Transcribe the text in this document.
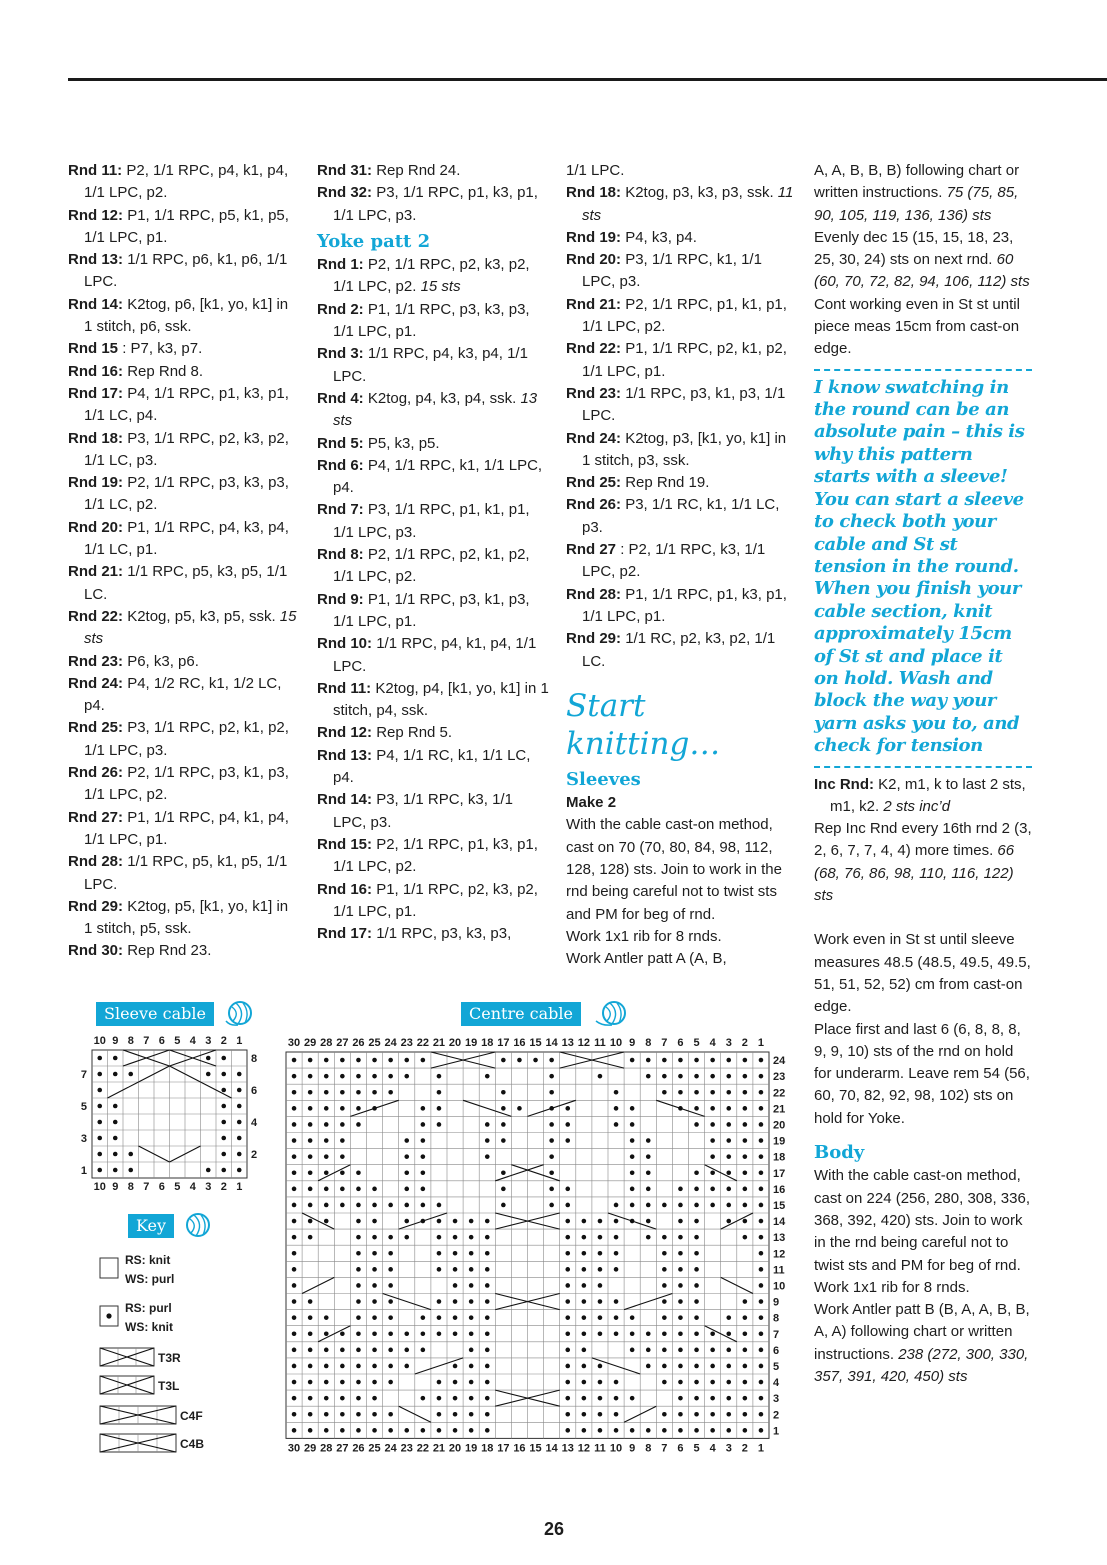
Rnd 11: P2, 1/1 RPC, p4, k1, p4, 1/1 LPC, p2.

Rnd 12: P1, 1/1 RPC, p5, k1, p5, 1/1 LPC, p1.

Rnd 13: 1/1 RPC, p6, k1, p6, 1/1 LPC.

Rnd 14: K2tog, p6, [k1, yo, k1] in 1 stitch, p6, ssk.

Rnd 15 : P7, k3, p7.

Rnd 16: Rep Rnd 8.

Rnd 17: P4, 1/1 RPC, p1, k3, p1, 1/1 LC, p4.

Rnd 18: P3, 1/1 RPC, p2, k3, p2, 1/1 LC, p3.

Rnd 19: P2, 1/1 RPC, p3, k3, p3, 1/1 LC, p2.

Rnd 20: P1, 1/1 RPC, p4, k3, p4, 1/1 LC, p1.

Rnd 21: 1/1 RPC, p5, k3, p5, 1/1 LC.

Rnd 22: K2tog, p5, k3, p5, ssk. 15 sts

Rnd 23: P6, k3, p6.

Rnd 24: P4, 1/2 RC, k1, 1/2 LC, p4.

Rnd 25: P3, 1/1 RPC, p2, k1, p2, 1/1 LPC, p3.

Rnd 26: P2, 1/1 RPC, p3, k1, p3, 1/1 LPC, p2.

Rnd 27: P1, 1/1 RPC, p4, k1, p4, 1/1 LPC, p1.

Rnd 28: 1/1 RPC, p5, k1, p5, 1/1 LPC.

Rnd 29: K2tog, p5, [k1, yo, k1] in 1 stitch, p5, ssk.

Rnd 30: Rep Rnd 23.

Rnd 31: Rep Rnd 24.

Rnd 32: P3, 1/1 RPC, p1, k3, p1, 1/1 LPC, p3.

Yoke patt 2

Rnd 1: P2, 1/1 RPC, p2, k3, p2, 1/1 LPC, p2. 15 sts

Rnd 2: P1, 1/1 RPC, p3, k3, p3, 1/1 LPC, p1.

Rnd 3: 1/1 RPC, p4, k3, p4, 1/1 LPC.

Rnd 4: K2tog, p4, k3, p4, ssk. 13 sts

Rnd 5: P5, k3, p5.

Rnd 6: P4, 1/1 RPC, k1, 1/1 LPC, p4.

Rnd 7: P3, 1/1 RPC, p1, k1, p1, 1/1 LPC, p3.

Rnd 8: P2, 1/1 RPC, p2, k1, p2, 1/1 LPC, p2.

Rnd 9: P1, 1/1 RPC, p3, k1, p3, 1/1 LPC, p1.

Rnd 10: 1/1 RPC, p4, k1, p4, 1/1 LPC.

Rnd 11: K2tog, p4, [k1, yo, k1] in 1 stitch, p4, ssk.

Rnd 12: Rep Rnd 5.

Rnd 13: P4, 1/1 RC, k1, 1/1 LC, p4.

Rnd 14: P3, 1/1 RPC, k3, 1/1 LPC, p3.

Rnd 15: P2, 1/1 RPC, p1, k3, p1, 1/1 LPC, p2.

Rnd 16: P1, 1/1 RPC, p2, k3, p2, 1/1 LPC, p1.

Rnd 17: 1/1 RPC, p3, k3, p3,

1/1 LPC.

Rnd 18: K2tog, p3, k3, p3, ssk. 11 sts

Rnd 19: P4, k3, p4.

Rnd 20: P3, 1/1 RPC, k1, 1/1 LPC, p3.

Rnd 21: P2, 1/1 RPC, p1, k1, p1, 1/1 LPC, p2.

Rnd 22: P1, 1/1 RPC, p2, k1, p2, 1/1 LPC, p1.

Rnd 23: 1/1 RPC, p3, k1, p3, 1/1 LPC.

Rnd 24: K2tog, p3, [k1, yo, k1] in 1 stitch, p3, ssk.

Rnd 25: Rep Rnd 19.

Rnd 26: P3, 1/1 RC, k1, 1/1 LC, p3.

Rnd 27 : P2, 1/1 RPC, k3, 1/1 LPC, p2.

Rnd 28: P1, 1/1 RPC, p1, k3, p1, 1/1 LPC, p1.

Rnd 29: 1/1 RC, p2, k3, p2, 1/1 LC.

Start knitting…
Sleeves

Make 2

With the cable cast-on method, cast on 70 (70, 80, 84, 98, 112, 128, 128) sts. Join to work in the rnd being careful not to twist sts and PM for beg of rnd.

Work 1x1 rib for 8 rnds.

Work Antler patt A (A, B,

A, A, B, B, B) following chart or written instructions. 75 (75, 85, 90, 105, 119, 136, 136) sts

Evenly dec 15 (15, 15, 18, 23, 25, 30, 24) sts on next rnd. 60 (60, 70, 72, 82, 94, 106, 112) sts

Cont working even in St st until piece meas 15cm from cast-on edge.

I know swatching in the round can be an absolute pain – this is why this pattern starts with a sleeve! You can start a sleeve to check both your cable and St st tension in the round. When you finish your cable section, knit approximately 15cm of St st and place it on hold. Wash and block the way your yarn asks you to, and check for tension

Inc Rnd: K2, m1, k to last 2 sts, m1, k2. 2 sts inc’d

Rep Inc Rnd every 16th rnd 2 (3, 2, 6, 7, 7, 4, 4) more times. 66 (68, 76, 86, 98, 110, 116, 122) sts

Work even in St st until sleeve measures 48.5 (48.5, 49.5, 49.5, 51, 51, 52, 52) cm from cast-on edge.

Place first and last 6 (6, 8, 8, 8, 9, 9, 10) sts of the rnd on hold for underarm. Leave rem 54 (56, 60, 70, 82, 92, 98, 102) sts on hold for Yoke.

Body

With the cable cast-on method, cast on 224 (256, 280, 308, 336, 368, 392, 420) sts. Join to work in the rnd being careful not to twist sts and PM for beg of rnd.

Work 1x1 rib for 8 rnds.

Work Antler patt B (B, A, A, B, B, A, A) following chart or written instructions. 238 (272, 300, 330, 357, 391, 420, 450) sts

Sleeve cable	Centre cable
Key
10
10
9
9
8
8
7
7
6
6
5
5
4
4
3
3
2
2
1
1
8
7
6
5
4
3
2
1
30
30
29
29
28
28
27
27
26
26
25
25
24
24
23
23
22
22
21
21
20
20
19
19
18
18
17
17
16
16
15
15
14
14
13
13
12
12
11
11
10
10
9
9
8
8
7
7
6
6
5
5
4
4
3
3
2
2
1
1
24
23
22
21
20
19
18
17
16
15
14
13
12
11
10
9
8
7
6
5
4
3
2
1
RS: knit
WS: purl
RS: purl
WS: knit
T3R
T3L
C4F
C4B
26
